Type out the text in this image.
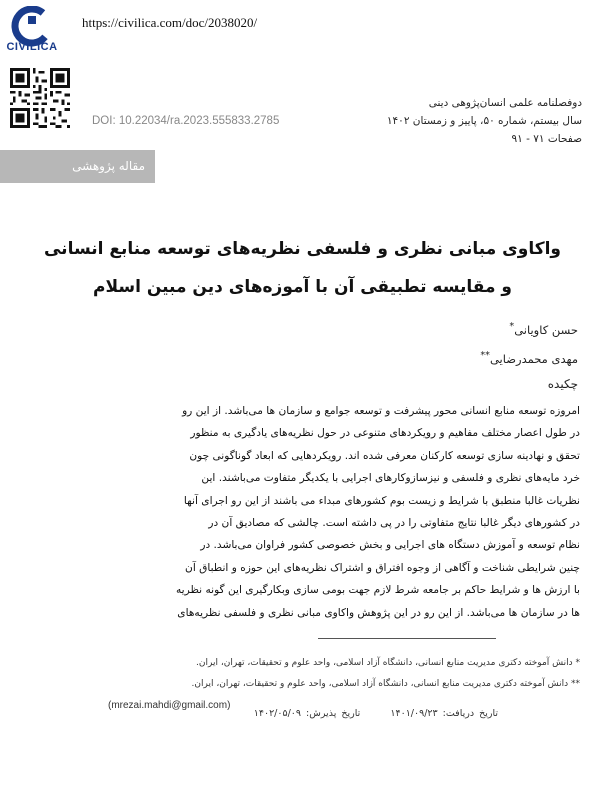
CIVILICA
https://civilica.com/doc/2038020/
DOI: 10.22034/ra.2023.555833.2785
دوفصلنامه علمی انسان‌پژوهی دینی
سال بیستم، شماره ۵۰، پاییز و زمستان ۱۴۰۲
صفحات ۷۱ - ۹۱
مقاله پژوهشی
واکاوی مبانی نظری و فلسفی نظریه‌های توسعه منابع انسانی
و مقایسه تطبیقی آن با آموزه‌های دین مبین اسلام
حسن کاویانی*
مهدی محمدرضایی**
چکیده
امروزه توسعه منابع انسانی محور پیشرفت و توسعه جوامع و سازمان ها می‌باشد. از این رو
در طول اعصار مختلف مفاهیم و رویکردهای متنوعی در حول نظریه‌های یادگیری به منظور
تحقق و نهادینه سازی توسعه کارکنان معرفی شده اند. رویکردهایی که ابعاد گوناگونی چون
خرد مایه‌های نظری و فلسفی و نیزسازوکارهای اجرایی با یکدیگر متفاوت می‌باشند. این
نظریات غالبا منطبق با شرایط و زیست بوم کشورهای مبداء می باشند از این رو اجرای آنها
در کشورهای دیگر غالبا نتایج متفاوتی را در پی داشته است. چالشی که مصادیق آن در
نظام توسعه و آموزش دستگاه های اجرایی و بخش خصوصی کشور فراوان می‌باشد. در
چنین شرایطی شناخت و آگاهی از وجوه افتراق و اشتراک نظریه‌های این حوزه و انطباق آن
با ارزش ها و شرایط حاکم بر جامعه شرط لازم جهت بومی سازی وبکارگیری این گونه نظریه
ها در سازمان ها می‌باشد. از این رو در این پژوهش واکاوی مبانی نظری و فلسفی نظریه‌های
* دانش آموخته دکتری مدیریت منابع انسانی، دانشگاه آزاد اسلامی، واحد علوم و تحقیقات، تهران، ایران.
** دانش آموخته دکتری مدیریت منابع انسانی، دانشگاه آزاد اسلامی، واحد علوم و تحقیقات، تهران، ایران.
(mrezai.mahdi@gmail.com)
تاریخ دریافت: ۱۴۰۱/۰۹/۲۳      تاریخ پذیرش: ۱۴۰۲/۰۵/۰۹
